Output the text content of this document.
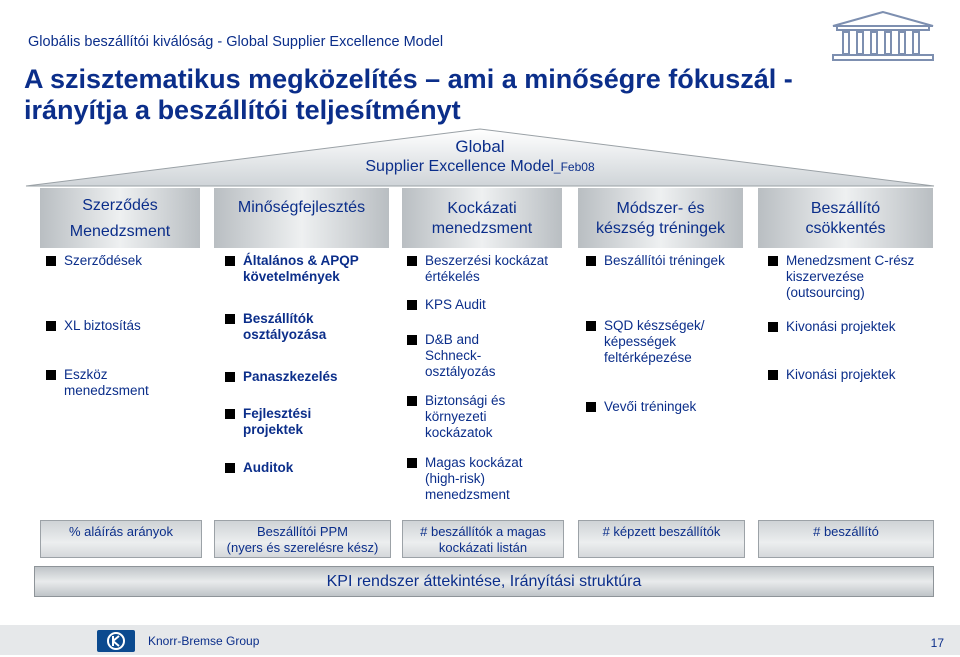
Globális beszállítói kiválóság - Global Supplier Excellence Model
A szisztematikus megközelítés – ami a minőségre fókuszál -
irányítja a beszállítói teljesítményt
Global
Supplier Excellence Model_Feb08
Szerződés
Menedzsment
Minőségfejlesztés	Kockázati
menedzsment
Módszer- és
készség tréningek
Beszállító
csökkentés
Szerződések
XL biztosítás
Eszköz menedzsment
Általános & APQP követelmények
Beszállítók osztályozása
Panaszkezelés
Fejlesztési projektek
Auditok
Beszerzési kockázat értékelés
KPS Audit
D&B and Schneck-osztályozás
Biztonsági és környezeti kockázatok
Magas kockázat (high-risk) menedzsment
Beszállítói tréningek
SQD készségek/ képességek feltérképezése
Vevői tréningek
Menedzsment C-rész kiszervezése (outsourcing)
Kivonási projektek
Kivonási projektek
% aláírás arányok	Beszállítói PPM
(nyers és szerelésre kész)
# beszállítók a magas
kockázati listán
# képzett beszállítók	# beszállító
KPI rendszer áttekintése, Irányítási struktúra
Knorr-Bremse Group	17
